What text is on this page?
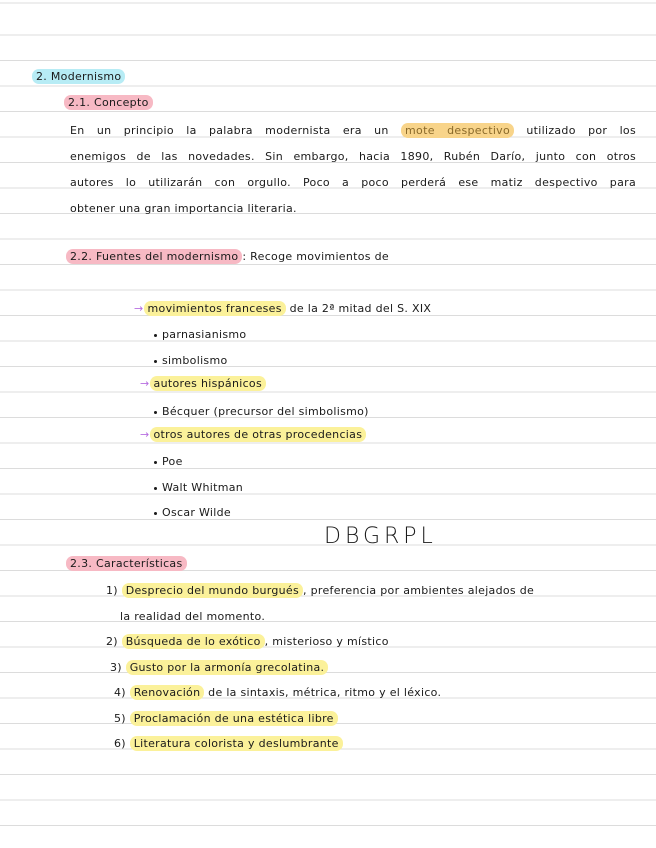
2. Modernismo
2.1. Concepto
En un principio la palabra modernista era un mote despectivo utilizado por los
enemigos de las novedades. Sin embargo, hacia 1890, Rubén Darío, junto con otros
autores lo utilizarán con orgullo. Poco a poco perderá ese matiz despectivo para
obtener una gran importancia literaria.
2.2. Fuentes del modernismo : Recoge movimientos de
→ movimientos franceses de la 2ª mitad del S. XIX
parnasianismo
simbolismo
→ autores hispánicos
Bécquer (precursor del simbolismo)
→ otros autores de otras procedencias
Poe
Walt Whitman
Oscar Wilde
DBGRPL
2.3. Características
1) Desprecio del mundo burgués , preferencia por ambientes alejados de
la realidad del momento.
2) Búsqueda de lo exótico , misterioso y místico
3) Gusto por la armonía grecolatina.
4) Renovación de la sintaxis, métrica, ritmo y el léxico.
5) Proclamación de una estética libre
6) Literatura colorista y deslumbrante
